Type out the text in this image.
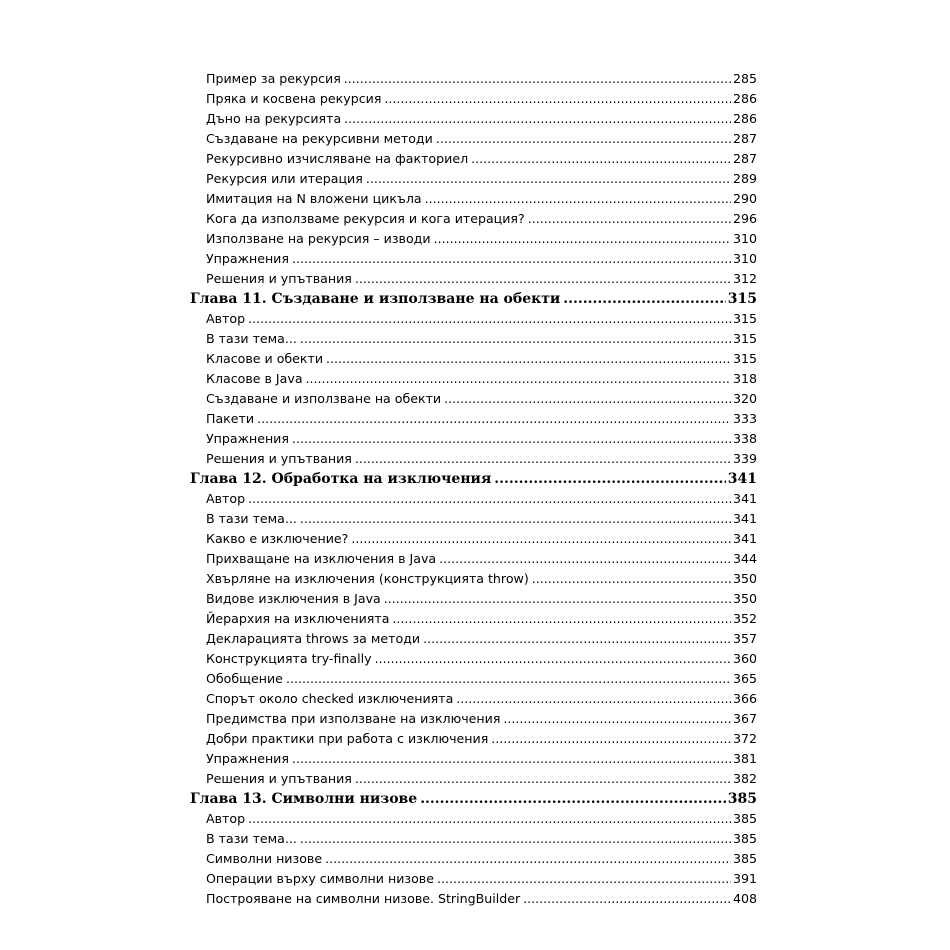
Пример за рекурсия .....	285
Пряка и косвена рекурсия .....	286
Дъно на рекурсията .....	286
Създаване на рекурсивни методи .....	287
Рекурсивно изчисляване на факториел .....	287
Рекурсия или итерация .....	289
Имитация на N вложени цикъла .....	290
Кога да използваме рекурсия и кога итерация? .....	296
Използване на рекурсия – изводи .....	310
Упражнения .....	310
Решения и упътвания .....	312
Глава 11. Създаване и използване на обекти .....	315
Автор .....	315
В тази тема... .....	315
Класове и обекти .....	315
Класове в Java .....	318
Създаване и използване на обекти .....	320
Пакети .....	333
Упражнения .....	338
Решения и упътвания .....	339
Глава 12. Обработка на изключения .....	341
Автор .....	341
В тази тема... .....	341
Какво е изключение? .....	341
Прихващане на изключения в Java .....	344
Хвърляне на изключения (конструкцията throw) .....	350
Видове изключения в Java .....	350
Йерархия на изключенията .....	352
Декларацията throws за методи .....	357
Конструкцията try-finally .....	360
Обобщение .....	365
Спорът около checked изключенията .....	366
Предимства при използване на изключения .....	367
Добри практики при работа с изключения .....	372
Упражнения .....	381
Решения и упътвания .....	382
Глава 13. Символни низове .....	385
Автор .....	385
В тази тема... .....	385
Символни низове .....	385
Операции върху символни низове .....	391
Построяване на символни низове. StringBuilder .....	408
